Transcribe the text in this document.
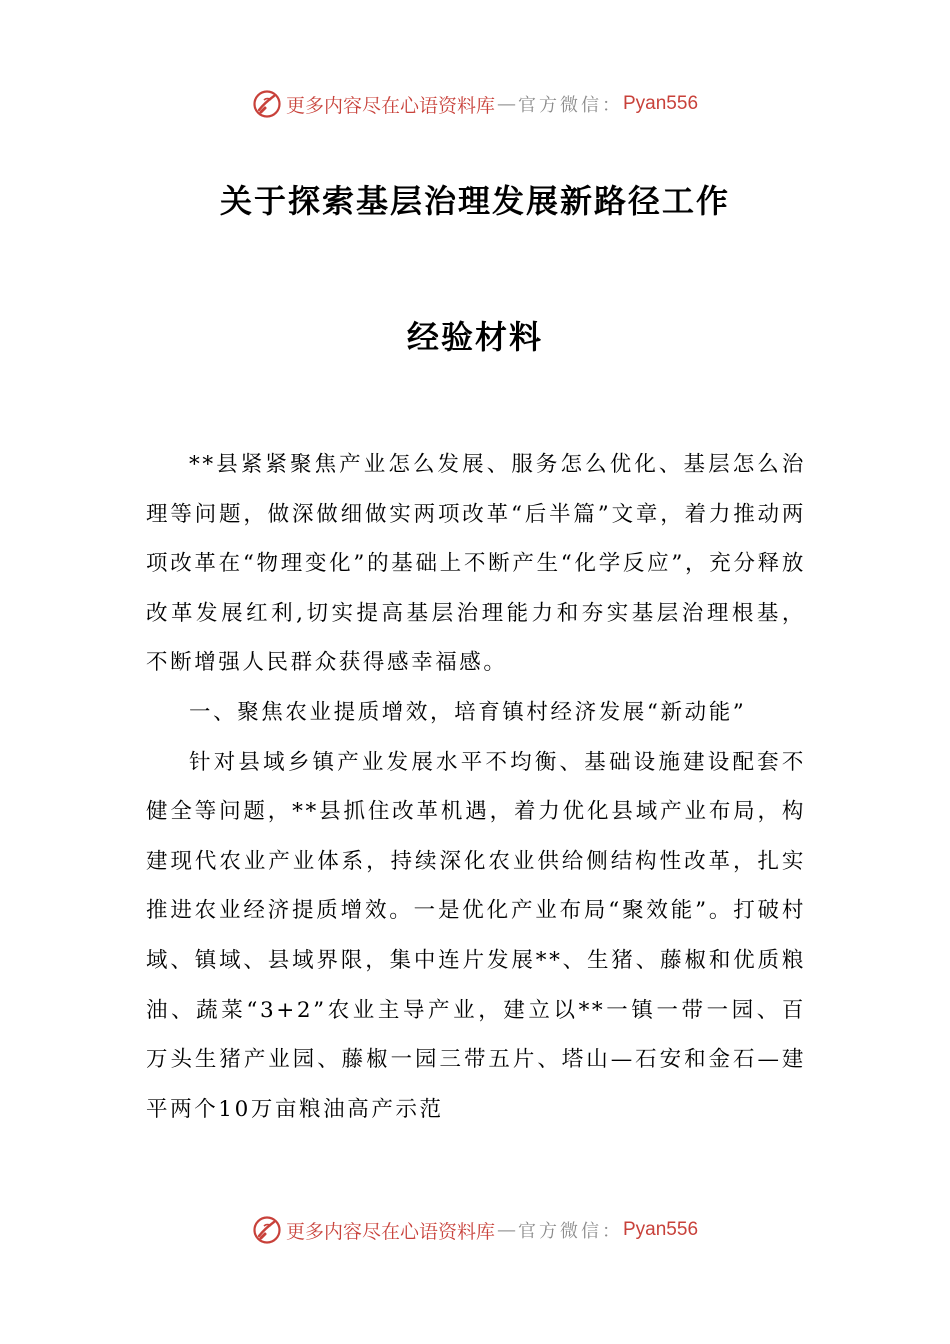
更多内容尽在心语资料库 — 官方微信： Pyan556
关于探索基层治理发展新路径工作
经验材料

**县紧紧聚焦产业怎么发展、服务怎么优化、基层怎么治理等问题，做深做细做实两项改革“后半篇”文章，着力推动两项改革在“物理变化”的基础上不断产生“化学反应”，充分释放改革发展红利,切实提高基层治理能力和夯实基层治理根基，不断增强人民群众获得感幸福感。

一、聚焦农业提质增效，培育镇村经济发展“新动能”

针对县域乡镇产业发展水平不均衡、基础设施建设配套不健全等问题，**县抓住改革机遇，着力优化县域产业布局，构建现代农业产业体系，持续深化农业供给侧结构性改革，扎实推进农业经济提质增效。一是优化产业布局“聚效能”。打破村域、镇域、县域界限，集中连片发展**、生猪、藤椒和优质粮油、蔬菜“3+2”农业主导产业，建立以**一镇一带一园、百万头生猪产业园、藤椒一园三带五片、塔山—石安和金石—建平两个10万亩粮油高产示范

更多内容尽在心语资料库 — 官方微信： Pyan556
